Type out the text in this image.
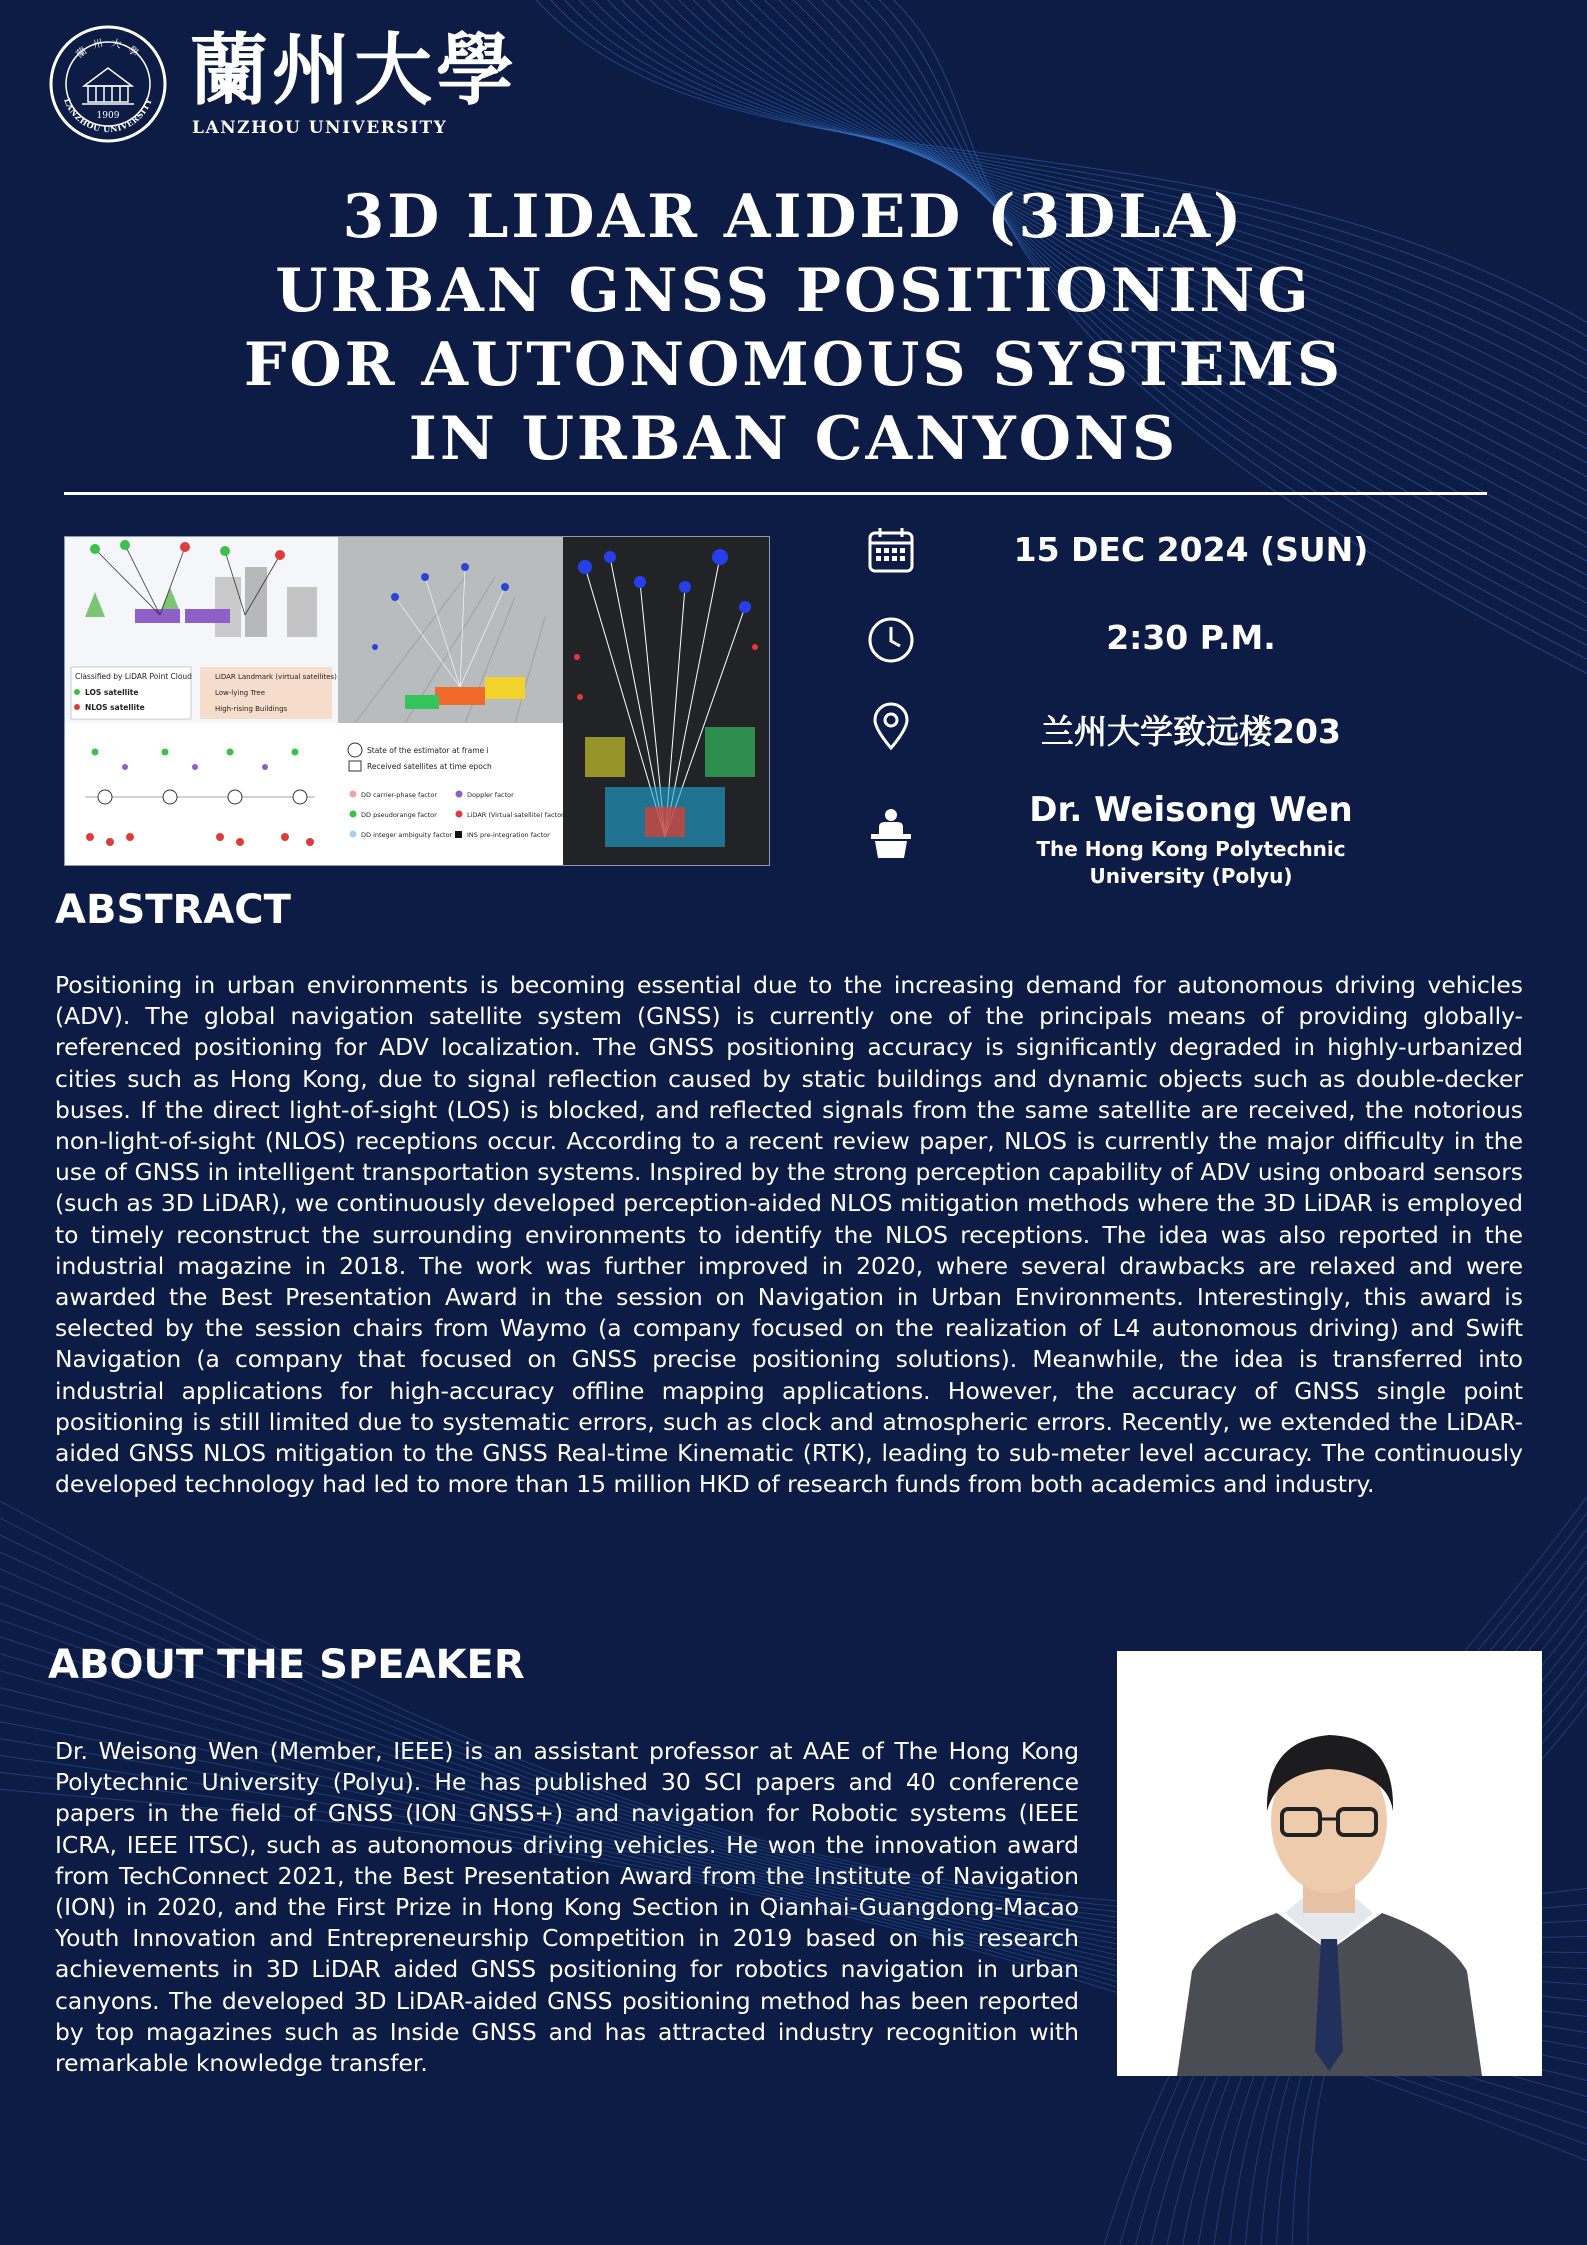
蘭 州 大 學
LANZHOU UNIVERSITY
1909 蘭州大學
LANZHOU UNIVERSITY
3D LIDAR AIDED (3DLA)
URBAN GNSS POSITIONING
FOR AUTONOMOUS SYSTEMS
IN URBAN CANYONS
Classified by LiDAR Point Cloud
LOS satellite
NLOS satellite
LiDAR Landmark (virtual satellites)
Low-lying Tree
High-rising Buildings
State of the estimator at frame i
Received satellites at time epoch
DD carrier-phase factor
DD pseudorange factor
DD integer ambiguity factor
Doppler factor
LiDAR (Virtual satellite) factor
INS pre-integration factor
15 DEC 2024 (SUN)
2:30 P.M.
兰州大学致远楼203
Dr. Weisong Wen
The Hong Kong Polytechnic
University (Polyu)
ABSTRACT
Positioning in urban environments is becoming essential due to the increasing demand for autonomous driving vehicles (ADV). The global navigation satellite system (GNSS) is currently one of the principals means of providing globally-referenced positioning for ADV localization. The GNSS positioning accuracy is significantly degraded in highly-urbanized cities such as Hong Kong, due to signal reflection caused by static buildings and dynamic objects such as double-decker buses. If the direct light-of-sight (LOS) is blocked, and reflected signals from the same satellite are received, the notorious non-light-of-sight (NLOS) receptions occur. According to a recent review paper, NLOS is currently the major difficulty in the use of GNSS in intelligent transportation systems. Inspired by the strong perception capability of ADV using onboard sensors (such as 3D LiDAR), we continuously developed perception-aided NLOS mitigation methods where the 3D LiDAR is employed to timely reconstruct the surrounding environments to identify the NLOS receptions. The idea was also reported in the industrial magazine in 2018. The work was further improved in 2020, where several drawbacks are relaxed and were awarded the Best Presentation Award in the session on Navigation in Urban Environments. Interestingly, this award is selected by the session chairs from Waymo (a company focused on the realization of L4 autonomous driving) and Swift Navigation (a company that focused on GNSS precise positioning solutions). Meanwhile, the idea is transferred into industrial applications for high-accuracy offline mapping applications. However, the accuracy of GNSS single point positioning is still limited due to systematic errors, such as clock and atmospheric errors. Recently, we extended the LiDAR-aided GNSS NLOS mitigation to the GNSS Real-time Kinematic (RTK), leading to sub-meter level accuracy. The continuously developed technology had led to more than 15 million HKD of research funds from both academics and industry.
ABOUT THE SPEAKER
Dr. Weisong Wen (Member, IEEE) is an assistant professor at AAE of The Hong Kong Polytechnic University (Polyu). He has published 30 SCI papers and 40 conference papers in the field of GNSS (ION GNSS+) and navigation for Robotic systems (IEEE ICRA, IEEE ITSC), such as autonomous driving vehicles. He won the innovation award from TechConnect 2021, the Best Presentation Award from the Institute of Navigation (ION) in 2020, and the First Prize in Hong Kong Section in Qianhai-Guangdong-Macao Youth Innovation and Entrepreneurship Competition in 2019 based on his research achievements in 3D LiDAR aided GNSS positioning for robotics navigation in urban canyons. The developed 3D LiDAR-aided GNSS positioning method has been reported by top magazines such as Inside GNSS and has attracted industry recognition with remarkable knowledge transfer.
